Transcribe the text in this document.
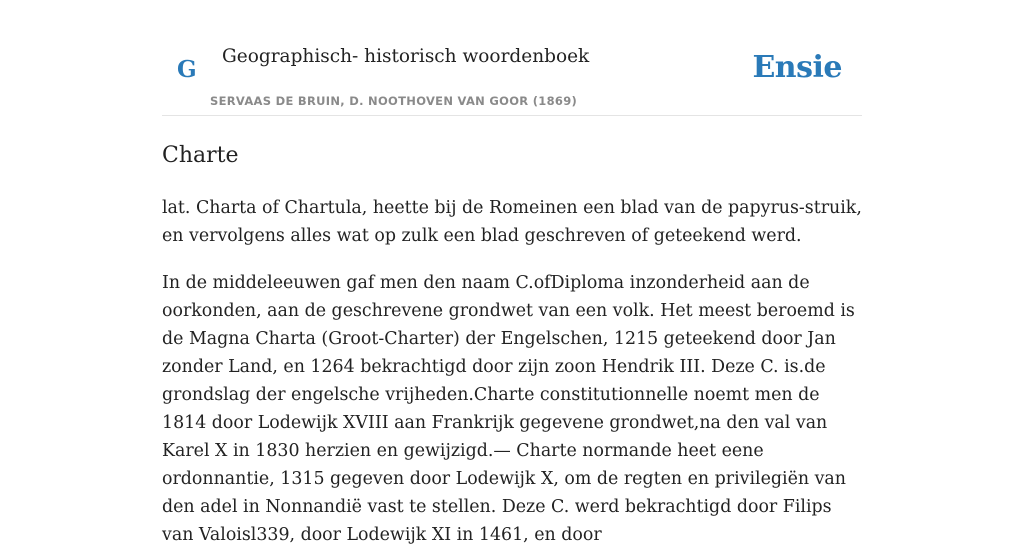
G Geographisch- historisch woordenboek
SERVAAS DE BRUIN, D. NOOTHOVEN VAN GOOR (1869)
Ensie
Charte

lat. Charta of Chartula, heette bij de Romeinen een blad van de papyrus-struik, en vervolgens alles wat op zulk een blad geschreven of geteekend werd.

In de middeleeuwen gaf men den naam C.ofDiploma inzonderheid aan de oorkonden, aan de geschrevene grondwet van een volk. Het meest beroemd is de Magna Charta (Groot-Charter) der Engelschen, 1215 geteekend door Jan zonder Land, en 1264 bekrachtigd door zijn zoon Hendrik III. Deze C. is.de grondslag der engelsche vrijheden.Charte constitutionnelle noemt men de 1814 door Lodewijk XVIII aan Frankrijk gegevene grondwet,na den val van Karel X in 1830 herzien en gewijzigd.— Charte normande heet eene ordonnantie, 1315 gegeven door Lodewijk X, om de regten en privilegiën van den adel in Nonnandië vast te stellen. Deze C. werd bekrachtigd door Filips van Valoisl339, door Lodewijk XI in 1461, en door
